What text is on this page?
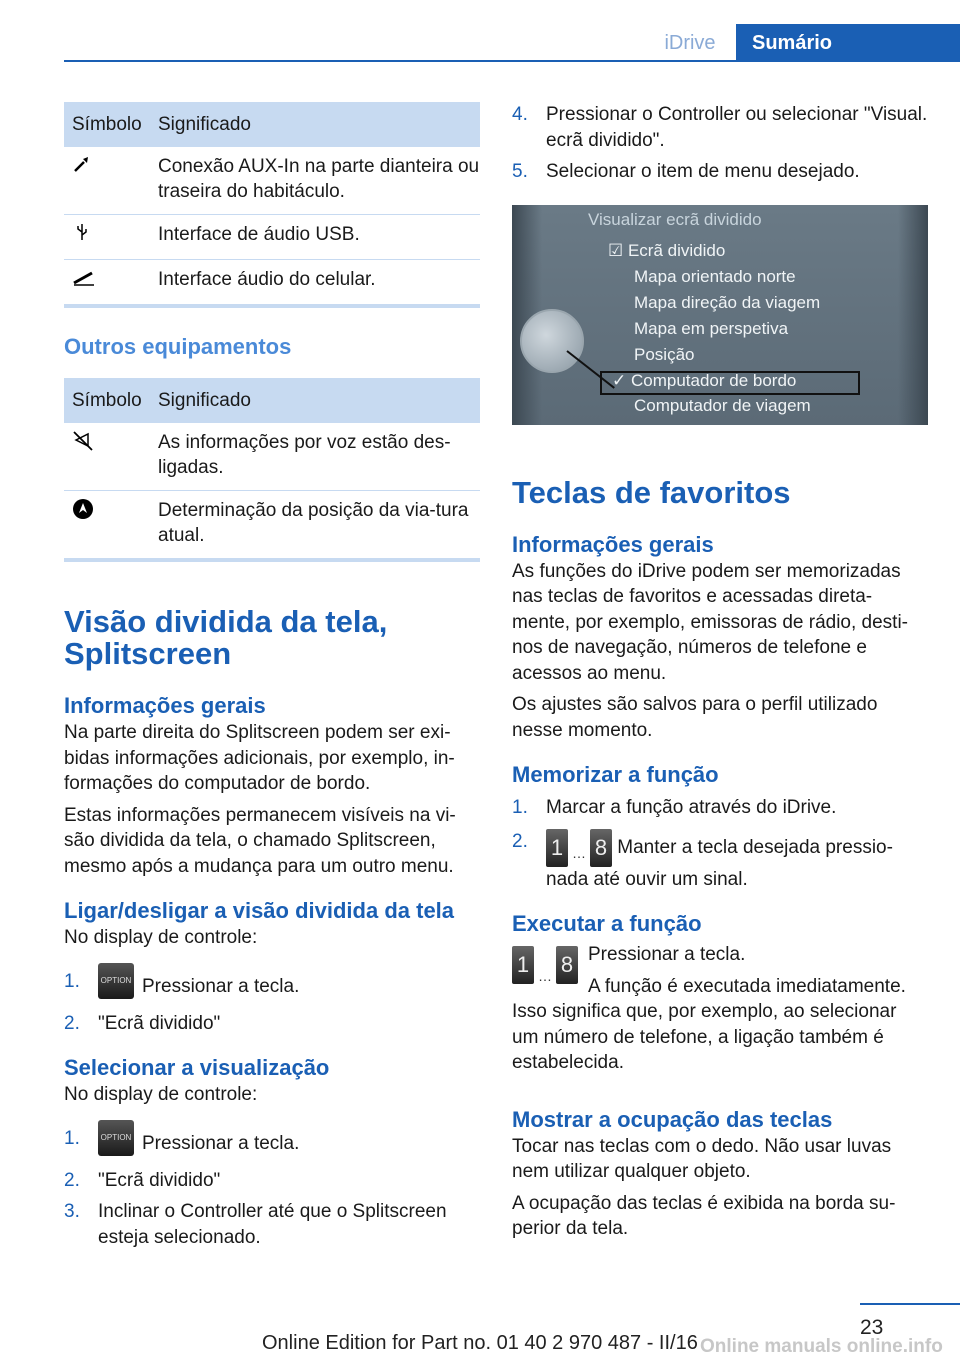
iDrive	Sumário
Símbolo	Significado
	Conexão AUX-In na parte dianteira ou traseira do habitáculo.
	Interface de áudio USB.
	Interface áudio do celular.
Outros equipamentos
Símbolo	Significado
	As informações por voz estão des‐ligadas.
	Determinação da posição da via‐tura atual.
Visão dividida da tela, Splitscreen
Informações gerais

Na parte direita do Splitscreen podem ser exi‐bidas informações adicionais, por exemplo, in‐formações do computador de bordo.

Estas informações permanecem visíveis na vi‐são dividida da tela, o chamado Splitscreen, mesmo após a mudança para um outro menu.

Ligar/desligar a visão dividida da tela

No display de controle:

1.	OPTION Pressionar a tecla.
2. "Ecrã dividido"
Selecionar a visualização

No display de controle:

1.	OPTION Pressionar a tecla.
2. "Ecrã dividido"
3. Inclinar o Controller até que o Splitscreen esteja selecionado.
4. Pressionar o Controller ou selecionar "Visual. ecrã dividido".
5. Selecionar o item de menu desejado.
Visualizar ecrã dividido
☑ Ecrã dividido
Mapa orientado norte
Mapa direção da viagem
Mapa em perspetiva
Posição
✓ Computador de bordo
Computador de viagem
Teclas de favoritos
Informações gerais

As funções do iDrive podem ser memorizadas nas teclas de favoritos e acessadas direta‐mente, por exemplo, emissoras de rádio, desti‐nos de navegação, números de telefone e acessos ao menu.

Os ajustes são salvos para o perfil utilizado nesse momento.

Memorizar a função
1. Marcar a função através do iDrive.
2. 1 … 8 Manter a tecla desejada pressio‐nada até ouvir um sinal.
Executar a função
1 … 8 Pressionar a tecla.

A função é executada imediatamente.

Isso significa que, por exemplo, ao selecionar um número de telefone, a ligação também é estabelecida.

Mostrar a ocupação das teclas

Tocar nas teclas com o dedo. Não usar luvas nem utilizar qualquer objeto.

A ocupação das teclas é exibida na borda su‐perior da tela.

23
Online Edition for Part no. 01 40 2 970 487 - II/16 Online manuals online.info
